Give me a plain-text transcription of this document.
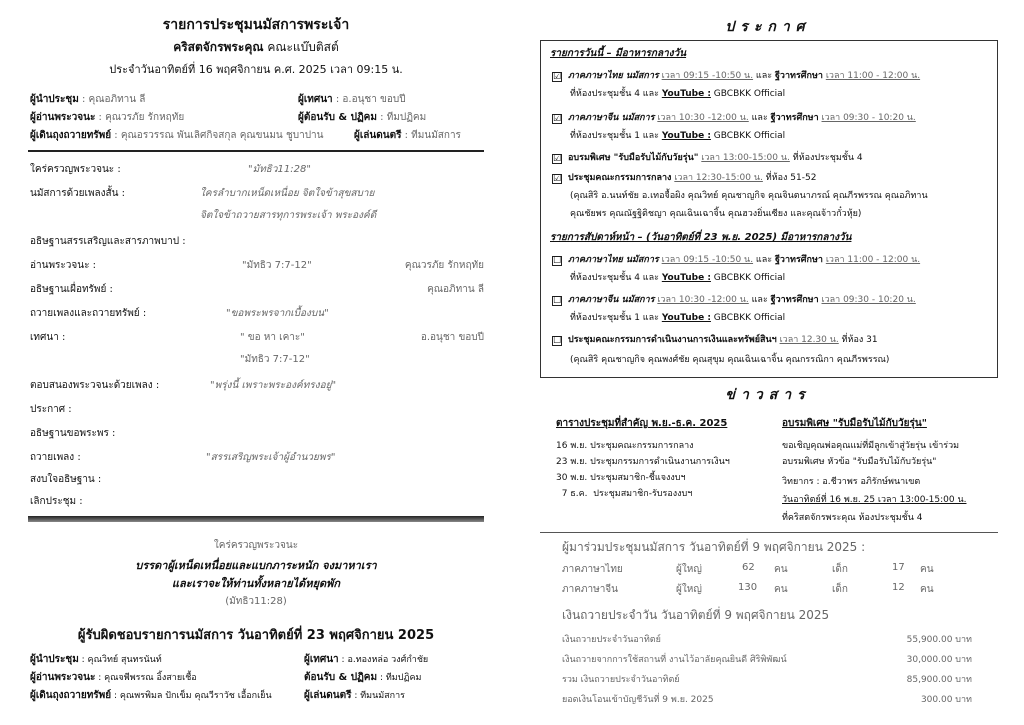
รายการประชุมนมัสการพระเจ้า
คริสตจักรพระคุณ คณะแบ๊บติสต์
ประจำวันอาทิตย์ที่ 16 พฤศจิกายน ค.ศ. 2025 เวลา 09:15 น.
ผู้นำประชุม : คุณอภิทาน ลี	ผู้เทศนา : อ.อนุชา ขอบปี
ผู้อ่านพระวจนะ : คุณวรภัย รักหฤทัย	ผู้ต้อนรับ & ปฏิคม : ทีมปฏิคม
ผู้เดินถุงถวายทรัพย์ : คุณอรวรรณ พันเลิศกิจสกุล คุณขนมน ชูบาปาน	ผู้เล่นดนตรี : ทีมนมัสการ
ใคร่ครวญพระวจนะ :	"มัทธิว11:28"
นมัสการด้วยเพลงสั้น :	ใครลำบากเหน็ดเหนื่อย จิตใจข้าสุขสบาย
จิตใจข้าถวายสารทุการพระเจ้า พระองค์ดี
อธิษฐานสรรเสริญและสารภาพบาป :
อ่านพระวจนะ :	"มัทธิว 7:7-12"	คุณวรภัย รักหฤทัย
อธิษฐานเผื่อทรัพย์ :	คุณอภิทาน ลี
ถวายเพลงและถวายทรัพย์ :	"ขอพระพรจากเบื้องบน"
เทศนา :	" ขอ หา เคาะ"	อ.อนุชา ขอบปี
"มัทธิว 7:7-12"
ตอบสนองพระวจนะด้วยเพลง :	"พรุ่งนี้ เพราะพระองค์ทรงอยู่"
ประกาศ :
อธิษฐานขอพระพร :
ถวายเพลง :	"สรรเสริญพระเจ้าผู้อำนวยพร"
สงบใจอธิษฐาน :
เลิกประชุม :
ใคร่ครวญพระวจนะ
บรรดาผู้เหน็ดเหนื่อยและแบกภาระหนัก จงมาหาเรา
และเราจะให้ท่านทั้งหลายได้หยุดพัก
(มัทธิว11:28)
ผู้รับผิดชอบรายการนมัสการ วันอาทิตย์ที่ 23 พฤศจิกายน 2025
ผู้นำประชุม : คุณวิทย์ สุนทรนันท์	ผู้เทศนา : อ.ทองหล่อ วงศ์กำชัย
ผู้อ่านพระวจนะ : คุณจพีพรรณ อิ้งสายเชื้อ	ต้อนรับ & ปฏิคม : ทีมปฏิคม
ผู้เดินถุงถวายทรัพย์ : คุณพรพิมล ปักเข็ม คุณวีราวัช เอื้อกเย็น	ผู้เล่นดนตรี : ทีมนมัสการ
ประกาศ
รายการวันนี้ – มีอาหารกลางวัน
☑ ภาคภาษาไทย นมัสการ เวลา 09:15 -10:50 น. และ ฐีวาทรศึกษา เวลา 11:00 - 12:00 น.
ที่ห้องประชุมชั้น 4 และ YouTube : GBCBKK Official
☑ ภาคภาษาจีน นมัสการ เวลา 10:30 -12:00 น. และ ฐีวาทรศึกษา เวลา 09:30 - 10:20 น.
ที่ห้องประชุมชั้น 1 และ YouTube : GBCBKK Official
☑ อบรมพิเศษ "รับมือรับไม้กับวัยรุ่น" เวลา 13:00-15:00 น. ที่ห้องประชุมชั้น 4
☑ ประชุมคณะกรรมการกลาง เวลา 12:30-15:00 น. ที่ห้อง 51-52
(คุณสิริ อ.นนท์ชัย อ.เทอจื้อผิง คุณวิทย์ คุณชาญกิจ คุณจินตนาภรณ์ คุณภีรพรรณ คุณอภิทาน
คุณชัยพร คุณณัฐฐิติชญา คุณเฉินเฉาจิ้น คุณฮวงยิ่นเซียง และคุณจ้าวกั๋วหุ้ย)
รายการสัปดาห์หน้า – (วันอาทิตย์ที่ 23 พ.ย. 2025) มีอาหารกลางวัน
☐ ภาคภาษาไทย นมัสการ เวลา 09:15 -10:50 น. และ ฐีวาทรศึกษา เวลา 11:00 - 12:00 น.
ที่ห้องประชุมชั้น 4 และ YouTube : GBCBKK Official
☐ ภาคภาษาจีน นมัสการ เวลา 10:30 -12:00 น. และ ฐีวาทรศึกษา เวลา 09:30 - 10:20 น.
ที่ห้องประชุมชั้น 1 และ YouTube : GBCBKK Official
☐ ประชุมคณะกรรมการดำเนินงานการเงินและทรัพย์สินฯ เวลา 12.30 น. ที่ห้อง 31
(คุณสิริ คุณชาญกิจ คุณพงศ์ชัย คุณสุขุม คุณเฉินเฉาจิ้น คุณกรรณิกา คุณภีรพรรณ)
ข่าวสาร
ตารางประชุมที่สำคัญ พ.ย.-ธ.ค. 2025
16 พ.ย. ประชุมคณะกรรมการกลาง
23 พ.ย. ประชุมกรรมการดำเนินงานการเงินฯ
30 พ.ย. ประชุมสมาชิก-ชี้แจงงบฯ
7 ธ.ค.  ประชุมสมาชิก-รับรองงบฯ
อบรมพิเศษ "รับมือรับไม้กับวัยรุ่น"
ขอเชิญคุณพ่อคุณแม่ที่มีลูกเข้าสู่วัยรุ่น เข้าร่วม
อบรมพิเศษ หัวข้อ "รับมือรับไม้กับวัยรุ่น"
วิทยากร : อ.ชีวาพร อภิรักษ์พนาเขต
วันอาทิตย์ที่ 16 พ.ย. 25 เวลา 13:00-15:00 น.
ที่คริสตจักรพระคุณ ห้องประชุมชั้น 4
ผู้มาร่วมประชุมนมัสการ วันอาทิตย์ที่ 9 พฤศจิกายน 2025 :
ภาคภาษาไทย	ผู้ใหญ่	62 คน	เด็ก	17 คน
ภาคภาษาจีน	ผู้ใหญ่	130 คน	เด็ก	12 คน
เงินถวายประจำวัน วันอาทิตย์ที่ 9 พฤศจิกายน 2025
เงินถวายประจำวันอาทิตย์	55,900.00 บาท
เงินถวายจากการใช้สถานที่ งานไว้อาลัยคุณยินดี ศิริพิพัฒน์	30,000.00 บาท
รวม เงินถวายประจำวันอาทิตย์	85,900.00 บาท
ยอดเงินโอนเข้าบัญชีวันที่ 9 พ.ย. 2025	300.00 บาท
